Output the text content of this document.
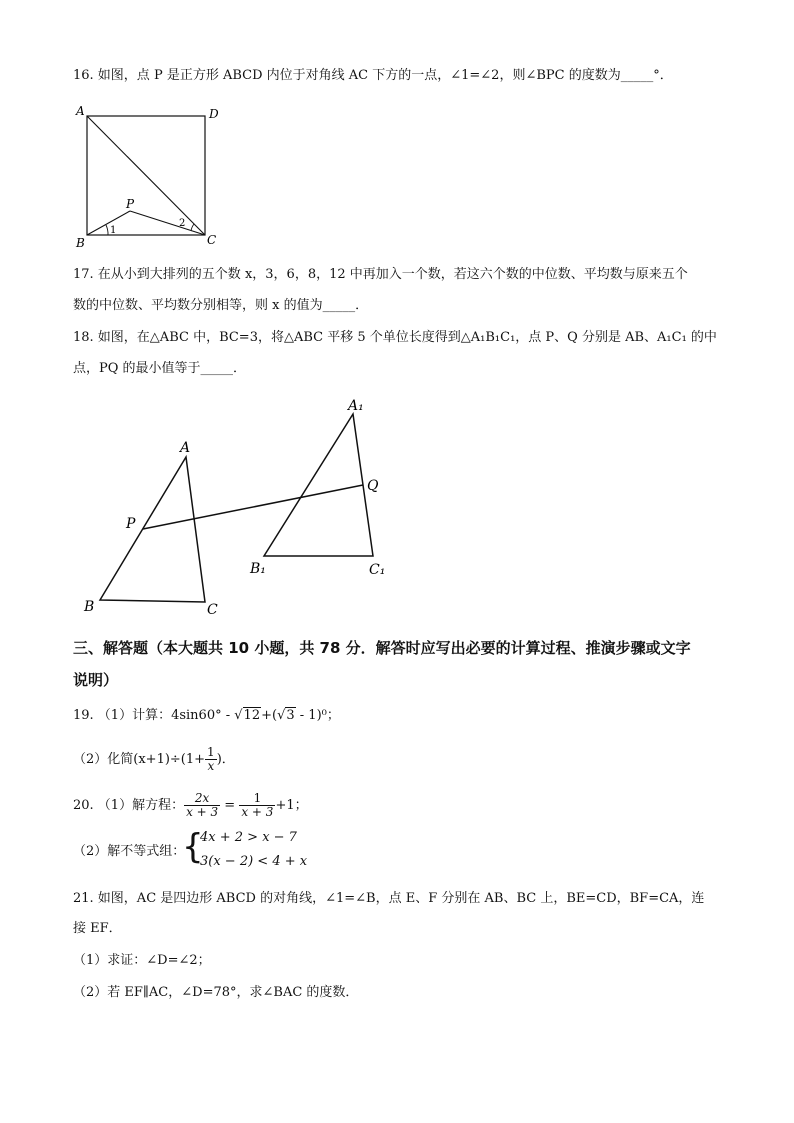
16. 如图，点 P 是正方形 ABCD 内位于对角线 AC 下方的一点，∠1=∠2，则∠BPC 的度数为_____°．
A	D
B	C
P
1
2
17. 在从小到大排列的五个数 x，3，6，8，12 中再加入一个数，若这六个数的中位数、平均数与原来五个
数的中位数、平均数分别相等，则 x 的值为_____．
18. 如图，在△ABC 中，BC=3，将△ABC 平移 5 个单位长度得到△A₁B₁C₁，点 P、Q 分别是 AB、A₁C₁ 的中
点，PQ 的最小值等于_____．
A
B	C
P
Q
A₁
B₁	C₁
三、解答题（本大题共 10 小题，共 78 分．解答时应写出必要的计算过程、推演步骤或文字
说明）
19. （1）计算：4sin60° - √12+(√3 - 1)⁰；
（2）化简$(x+1)\div(1+ \frac{1}{x}$ )．
20. （1）解方程： $\frac{2x}{x + 3} = \frac{1}{x + 3} +1$；
（2）解不等式组：
{
4x + 2 > x − 7
3(x − 2) < 4 + x
21. 如图，AC 是四边形 ABCD 的对角线，∠1=∠B，点 E、F 分别在 AB、BC 上，BE=CD，BF=CA，连
接 EF．
（1）求证：∠D=∠2；
（2）若 EF∥AC，∠D=78°，求∠BAC 的度数．
